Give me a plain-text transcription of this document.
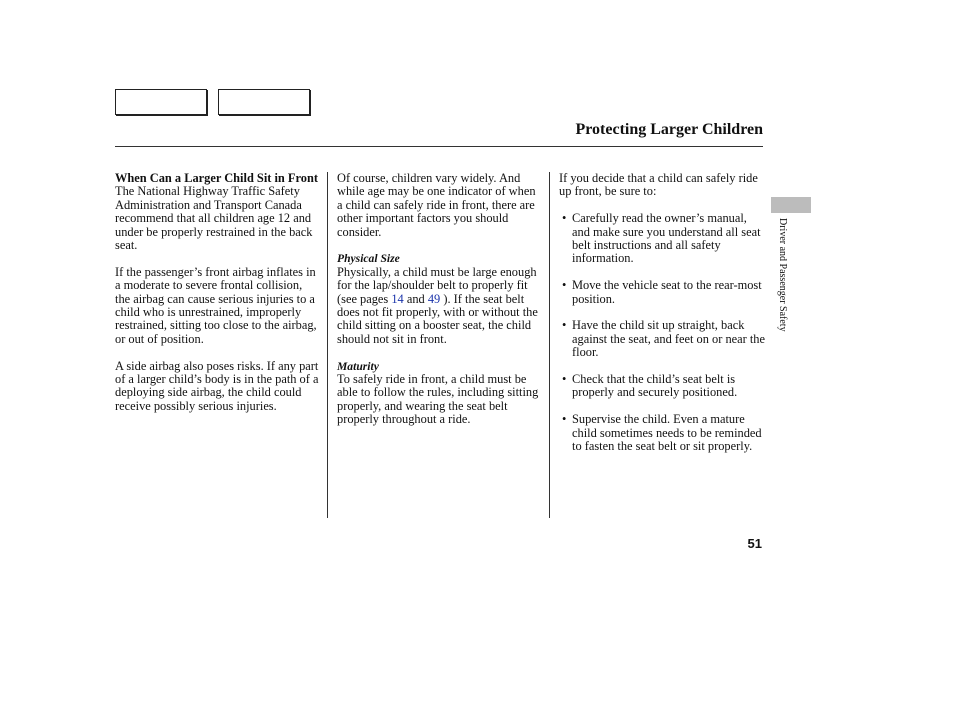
Protecting Larger Children
When Can a Larger Child Sit in Front

The National Highway Traffic Safety Administration and Transport Canada recommend that all children age 12 and under be properly restrained in the back seat.

If the passenger’s front airbag inflates in a moderate to severe frontal collision, the airbag can cause serious injuries to a child who is unrestrained, improperly restrained, sitting too close to the airbag, or out of position.

A side airbag also poses risks. If any part of a larger child’s body is in the path of a deploying side airbag, the child could receive possibly serious injuries.

Of course, children vary widely. And while age may be one indicator of when a child can safely ride in front, there are other important factors you should consider.

Physical Size

Physically, a child must be large enough for the lap/shoulder belt to properly fit (see pages 14 and 49 ). If the seat belt does not fit properly, with or without the child sitting on a booster seat, the child should not sit in front.

Maturity

To safely ride in front, a child must be able to follow the rules, including sitting properly, and wearing the seat belt properly throughout a ride.

If you decide that a child can safely ride up front, be sure to:

• Carefully read the owner’s manual, and make sure you understand all seat belt instructions and all safety information.
• Move the vehicle seat to the rear-most position.
• Have the child sit up straight, back against the seat, and feet on or near the floor.
• Check that the child’s seat belt is properly and securely positioned.
• Supervise the child. Even a mature child sometimes needs to be reminded to fasten the seat belt or sit properly.
Driver and Passenger Safety
51
